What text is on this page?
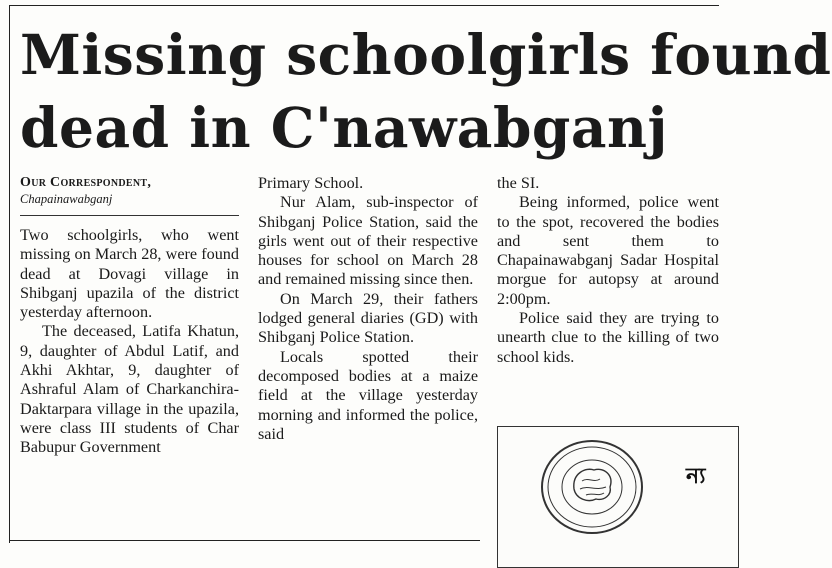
Missing schoolgirls found
dead in C'nawabganj
Our Correspondent,
Chapainawabganj

Two schoolgirls, who went missing on March 28, were found dead at Dovagi village in Shibganj upazila of the district yesterday afternoon.

The deceased, Latifa Khatun, 9, daughter of Abdul Latif, and Akhi Akhtar, 9, daughter of Ashraful Alam of Charkanchira-Daktarpara village in the upazila, were class III students of Char Babupur Government

Primary School.

Nur Alam, sub-inspector of Shibganj Police Station, said the girls went out of their respective houses for school on March 28 and remained missing since then.

On March 29, their fathers lodged general diaries (GD) with Shibganj Police Station.

Locals spotted their decomposed bodies at a maize field at the village yesterday morning and informed the police, said

the SI.

Being informed, police went to the spot, recovered the bodies and sent them to Chapainawabganj Sadar Hospital morgue for autopsy at around 2:00pm.

Police said they are trying to unearth clue to the killing of two school kids.

ন্য
